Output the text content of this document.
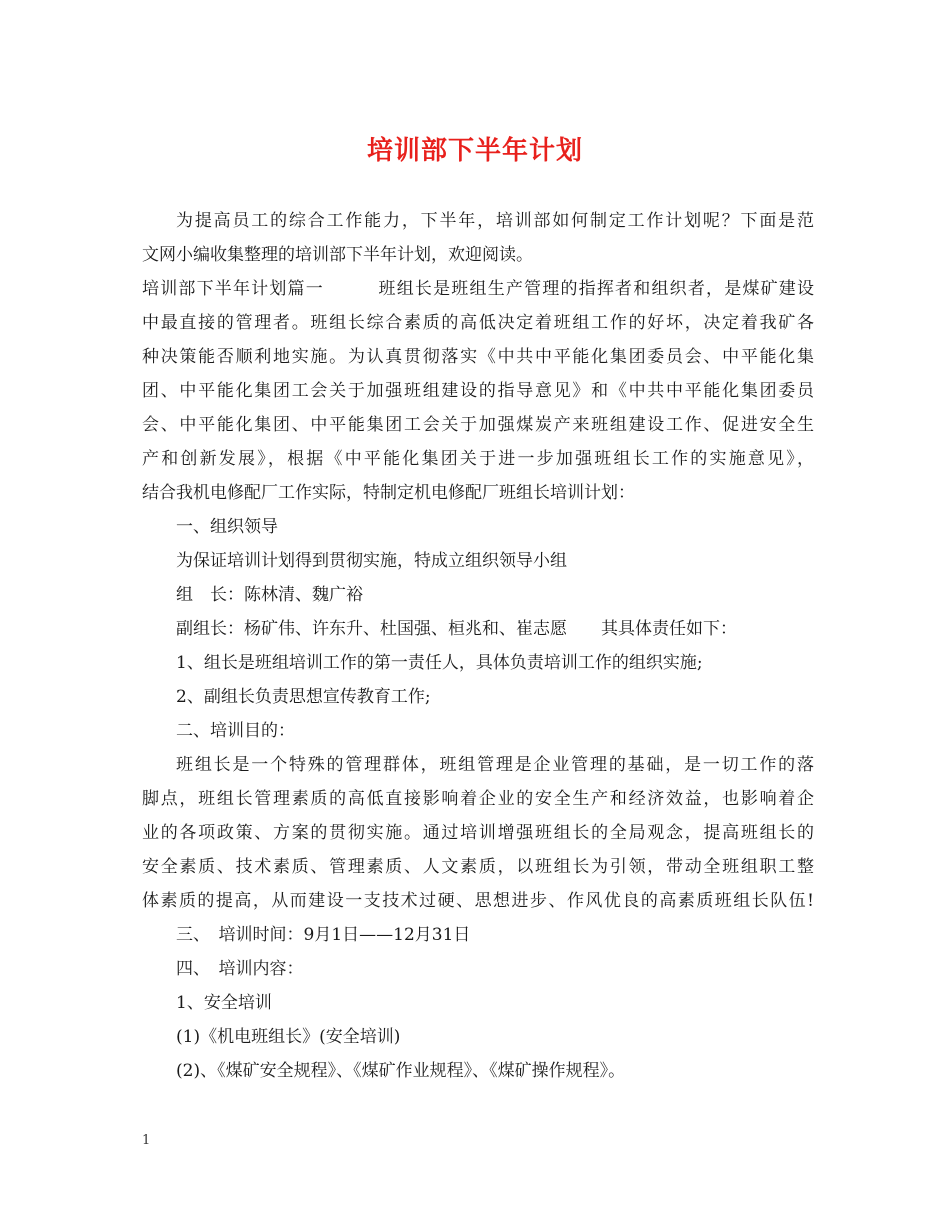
培训部下半年计划
为提高员工的综合工作能力，下半年，培训部如何制定工作计划呢？下面是范
文网小编收集整理的培训部下半年计划，欢迎阅读。
培训部下半年计划篇一　　　班组长是班组生产管理的指挥者和组织者，是煤矿建设
中最直接的管理者。班组长综合素质的高低决定着班组工作的好坏，决定着我矿各
种决策能否顺利地实施。为认真贯彻落实《中共中平能化集团委员会、中平能化集
团、中平能化集团工会关于加强班组建设的指导意见》和《中共中平能化集团委员
会、中平能化集团、中平能集团工会关于加强煤炭产来班组建设工作、促进安全生
产和创新发展》，根据《中平能化集团关于进一步加强班组长工作的实施意见》，
结合我机电修配厂工作实际，特制定机电修配厂班组长培训计划：
一、组织领导
为保证培训计划得到贯彻实施，特成立组织领导小组
组　长：陈林清、魏广裕
副组长：杨矿伟、许东升、杜国强、桓兆和、崔志愿　　其具体责任如下：
1、组长是班组培训工作的第一责任人，具体负责培训工作的组织实施;
2、副组长负责思想宣传教育工作;
二、培训目的：
班组长是一个特殊的管理群体，班组管理是企业管理的基础，是一切工作的落
脚点，班组长管理素质的高低直接影响着企业的安全生产和经济效益，也影响着企
业的各项政策、方案的贯彻实施。通过培训增强班组长的全局观念，提高班组长的
安全素质、技术素质、管理素质、人文素质，以班组长为引领，带动全班组职工整
体素质的提高，从而建设一支技术过硬、思想进步、作风优良的高素质班组长队伍!
三、　培训时间：9月1日——12月31日
四、　培训内容：
1、安全培训
(1)《机电班组长》(安全培训)
(2)、《煤矿安全规程》、《煤矿作业规程》、《煤矿操作规程》。
1
